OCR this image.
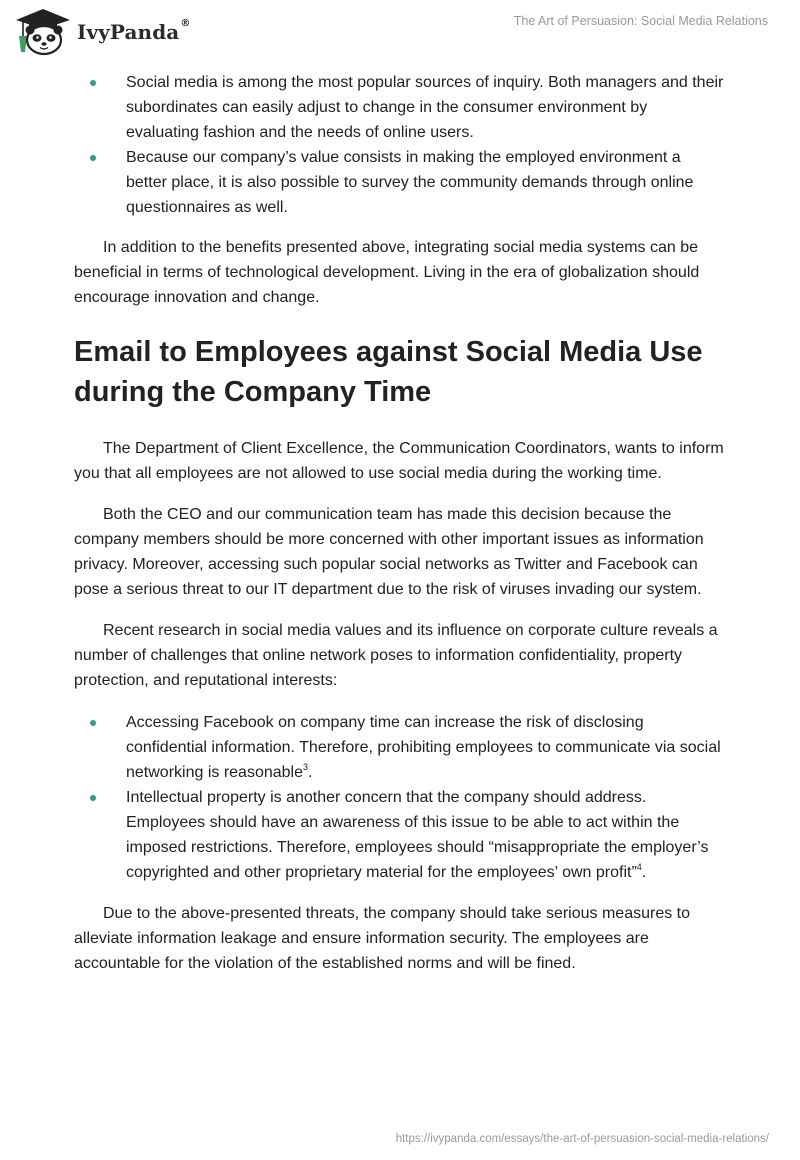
IvyPanda ®	The Art of Persuasion: Social Media Relations
Social media is among the most popular sources of inquiry. Both managers and their subordinates can easily adjust to change in the consumer environment by evaluating fashion and the needs of online users.
Because our company’s value consists in making the employed environment a better place, it is also possible to survey the community demands through online questionnaires as well.

In addition to the benefits presented above, integrating social media systems can be beneficial in terms of technological development. Living in the era of globalization should encourage innovation and change.

Email to Employees against Social Media Use during the Company Time

The Department of Client Excellence, the Communication Coordinators, wants to inform you that all employees are not allowed to use social media during the working time.

Both the CEO and our communication team has made this decision because the company members should be more concerned with other important issues as information privacy. Moreover, accessing such popular social networks as Twitter and Facebook can pose a serious threat to our IT department due to the risk of viruses invading our system.

Recent research in social media values and its influence on corporate culture reveals a number of challenges that online network poses to information confidentiality, property protection, and reputational interests:

Accessing Facebook on company time can increase the risk of disclosing confidential information. Therefore, prohibiting employees to communicate via social networking is reasonable$^3$.
Intellectual property is another concern that the company should address. Employees should have an awareness of this issue to be able to act within the imposed restrictions. Therefore, employees should “misappropriate the employer’s copyrighted and other proprietary material for the employees’ own profit”$^4$.

Due to the above-presented threats, the company should take serious measures to alleviate information leakage and ensure information security. The employees are accountable for the violation of the established norms and will be fined.

https://ivypanda.com/essays/the-art-of-persuasion-social-media-relations/
